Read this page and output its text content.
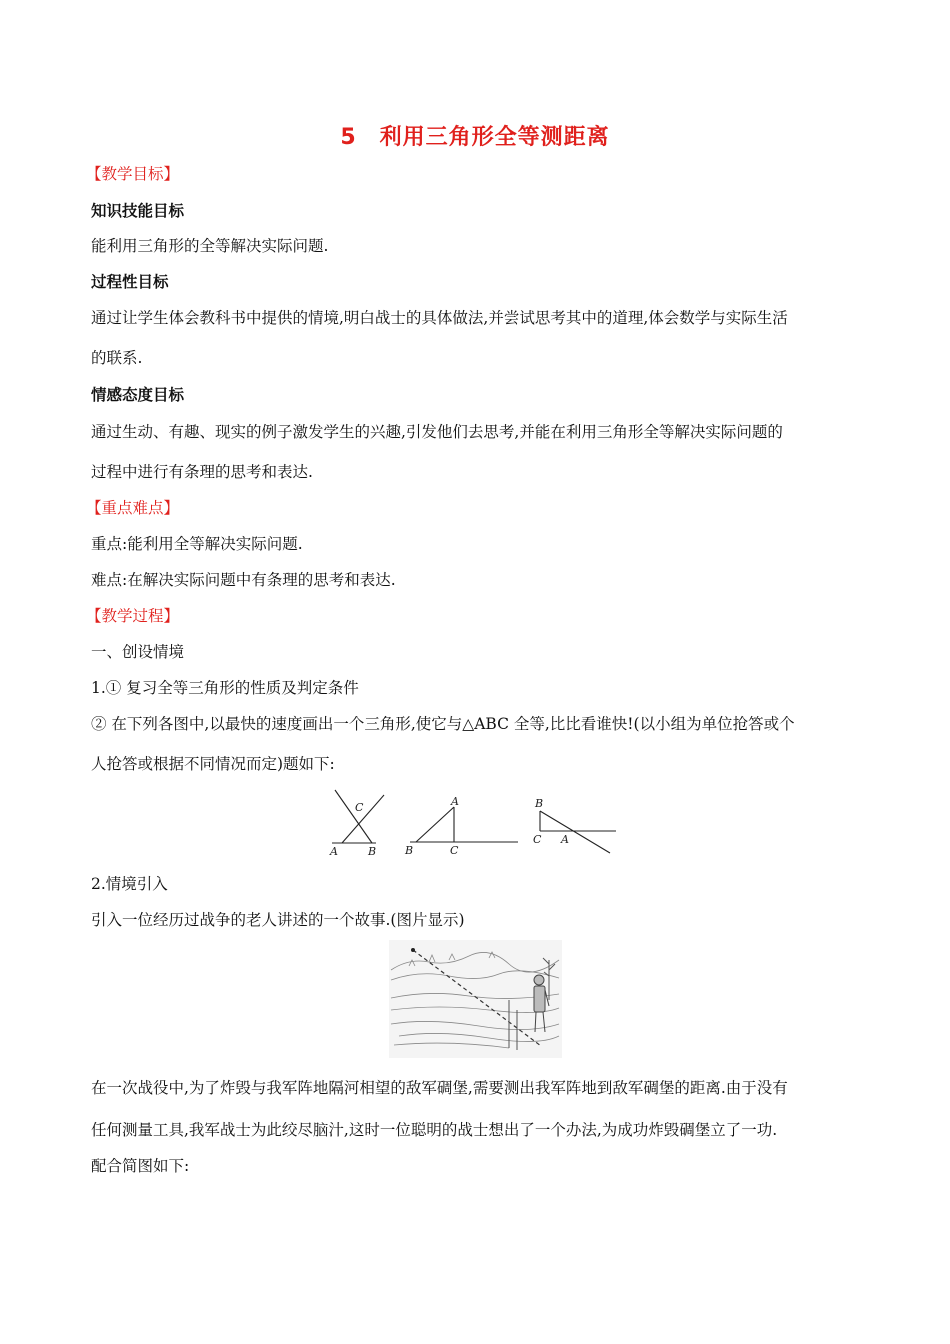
5　利用三角形全等测距离

【教学目标】

知识技能目标

能利用三角形的全等解决实际问题.

过程性目标

通过让学生体会教科书中提供的情境,明白战士的具体做法,并尝试思考其中的道理,体会数学与实际生活

的联系.

情感态度目标

通过生动、有趣、现实的例子激发学生的兴趣,引发他们去思考,并能在利用三角形全等解决实际问题的

过程中进行有条理的思考和表达.

【重点难点】

重点:能利用全等解决实际问题.

难点:在解决实际问题中有条理的思考和表达.

【教学过程】

一、创设情境

1.① 复习全等三角形的性质及判定条件

② 在下列各图中,以最快的速度画出一个三角形,使它与△ABC 全等,比比看谁快!(以小组为单位抢答或个

人抢答或根据不同情况而定)题如下:

C
A	B
A
B	C
B
C A

2.情境引入

引入一位经历过战争的老人讲述的一个故事.(图片显示)

在一次战役中,为了炸毁与我军阵地隔河相望的敌军碉堡,需要测出我军阵地到敌军碉堡的距离.由于没有

任何测量工具,我军战士为此绞尽脑汁,这时一位聪明的战士想出了一个办法,为成功炸毁碉堡立了一功.

配合简图如下:
